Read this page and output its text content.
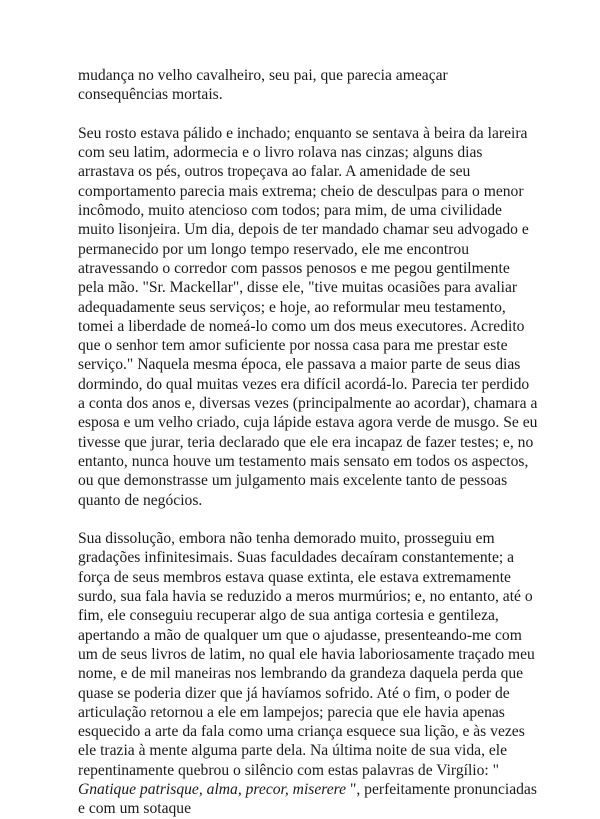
mudança no velho cavalheiro, seu pai, que parecia ameaçar consequências mortais.

Seu rosto estava pálido e inchado; enquanto se sentava à beira da lareira com seu latim, adormecia e o livro rolava nas cinzas; alguns dias arrastava os pés, outros tropeçava ao falar. A amenidade de seu comportamento parecia mais extrema; cheio de desculpas para o menor incômodo, muito atencioso com todos; para mim, de uma civilidade muito lisonjeira. Um dia, depois de ter mandado chamar seu advogado e permanecido por um longo tempo reservado, ele me encontrou atravessando o corredor com passos penosos e me pegou gentilmente pela mão. "Sr. Mackellar", disse ele, "tive muitas ocasiões para avaliar adequadamente seus serviços; e hoje, ao reformular meu testamento, tomei a liberdade de nomeá-lo como um dos meus executores. Acredito que o senhor tem amor suficiente por nossa casa para me prestar este serviço." Naquela mesma época, ele passava a maior parte de seus dias dormindo, do qual muitas vezes era difícil acordá-lo. Parecia ter perdido a conta dos anos e, diversas vezes (principalmente ao acordar), chamara a esposa e um velho criado, cuja lápide estava agora verde de musgo. Se eu tivesse que jurar, teria declarado que ele era incapaz de fazer testes; e, no entanto, nunca houve um testamento mais sensato em todos os aspectos, ou que demonstrasse um julgamento mais excelente tanto de pessoas quanto de negócios.

Sua dissolução, embora não tenha demorado muito, prosseguiu em gradações infinitesimais. Suas faculdades decaíram constantemente; a força de seus membros estava quase extinta, ele estava extremamente surdo, sua fala havia se reduzido a meros murmúrios; e, no entanto, até o fim, ele conseguiu recuperar algo de sua antiga cortesia e gentileza, apertando a mão de qualquer um que o ajudasse, presenteando-me com um de seus livros de latim, no qual ele havia laboriosamente traçado meu nome, e de mil maneiras nos lembrando da grandeza daquela perda que quase se poderia dizer que já havíamos sofrido. Até o fim, o poder de articulação retornou a ele em lampejos; parecia que ele havia apenas esquecido a arte da fala como uma criança esquece sua lição, e às vezes ele trazia à mente alguma parte dela. Na última noite de sua vida, ele repentinamente quebrou o silêncio com estas palavras de Virgílio: " Gnatique patrisque, alma, precor, miserere ", perfeitamente pronunciadas e com um sotaque
